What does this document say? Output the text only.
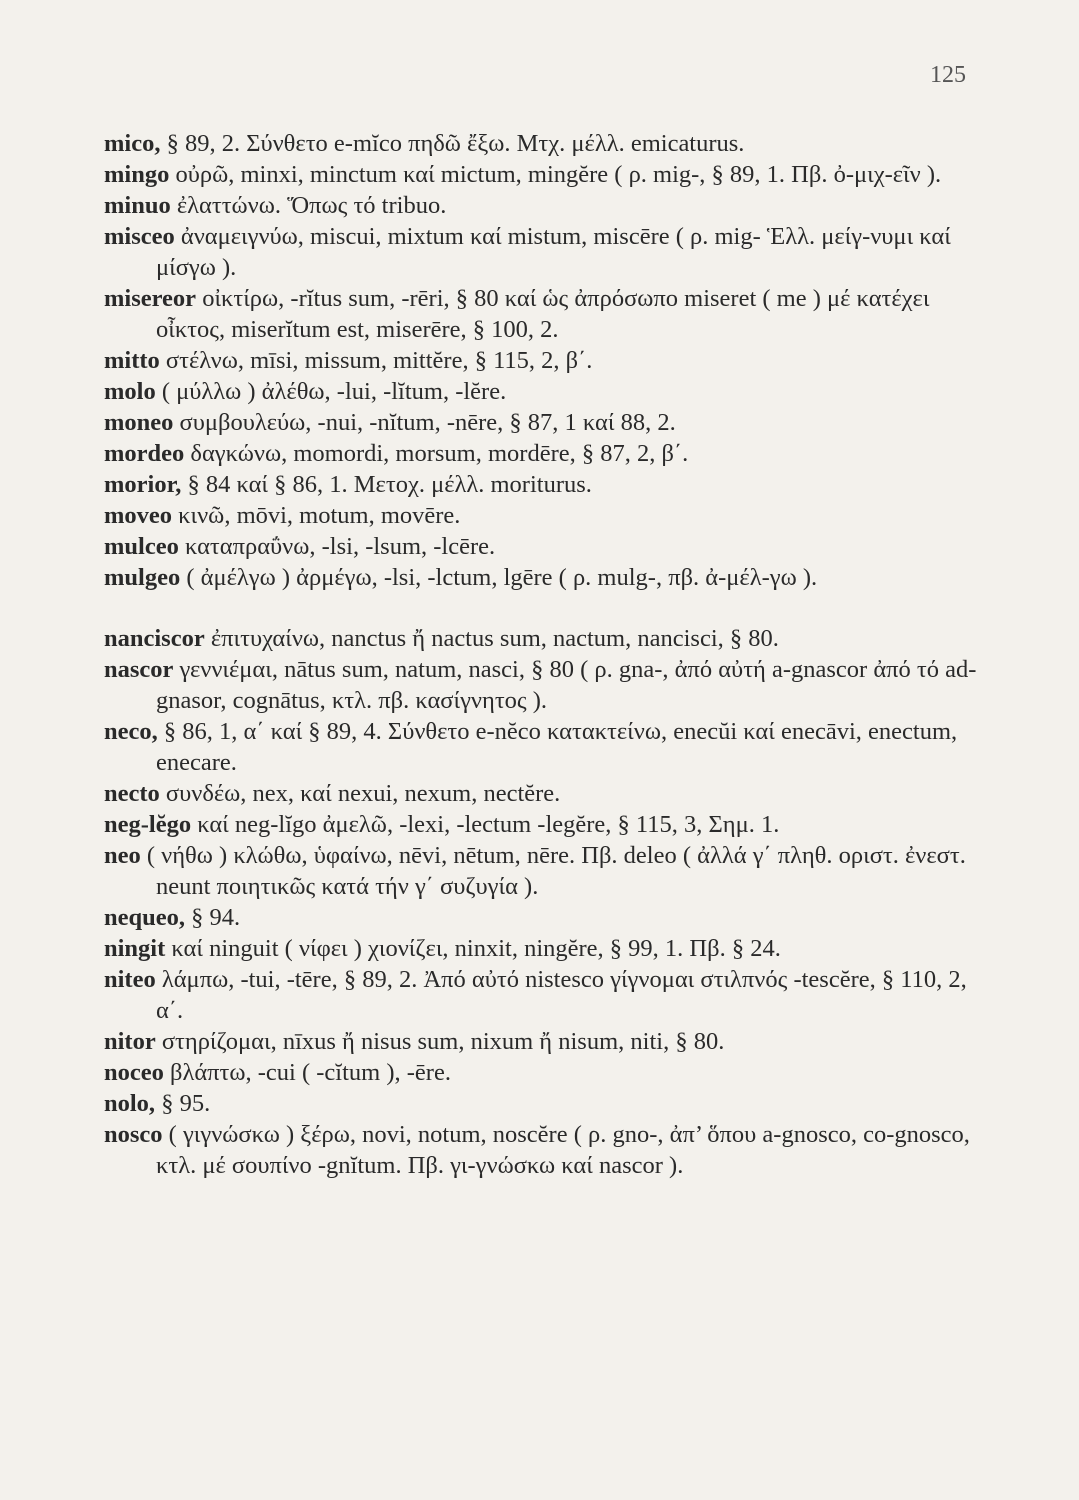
125

mico, § 89, 2. Σύνθετο e-mĭco πηδῶ ἔξω. Μτχ. μέλλ. emicaturus.

mingo οὐρῶ, minxi, minctum καί mictum, mingĕre ( ρ. mig-, § 89, 1. Πβ. ὀ-μιχ-εῖν ).

minuo ἐλαττώνω. Ὅπως τό tribuo.

misceo ἀναμειγνύω, miscui, mixtum καί mistum, miscēre ( ρ. mig- Ἑλλ. μείγ-νυμι καί μίσγω ).

misereor οἰκτίρω, -rĭtus sum, -rēri, § 80 καί ὡς ἀπρόσωπο miseret ( me ) μέ κατέχει οἶκτος, miserĭtum est, miserēre, § 100, 2.

mitto στέλνω, mīsi, missum, mittĕre, § 115, 2, β΄.

molo ( μύλλω ) ἀλέθω, -lui, -lĭtum, -lĕre.

moneo συμβουλεύω, -nui, -nĭtum, -nēre, § 87, 1 καί 88, 2.

mordeo δαγκώνω, momordi, morsum, mordēre, § 87, 2, β΄.

morior, § 84 καί § 86, 1. Μετοχ. μέλλ. moriturus.

moveo κινῶ, mōvi, motum, movēre.

mulceo καταπραΰνω, -lsi, -lsum, -lcēre.

mulgeo ( ἀμέλγω ) ἀρμέγω, -lsi, -lctum, lgēre ( ρ. mulg-, πβ. ἀ-μέλ-γω ).

nanciscor ἐπιτυχαίνω, nanctus ἤ nactus sum, nactum, nancisci, § 80.

nascor γεννιέμαι, nātus sum, natum, nasci, § 80 ( ρ. gna-, ἀπό αὐτή a-gnascor ἀπό τό ad-gnasor, cognātus, κτλ. πβ. κασίγνητος ).

neco, § 86, 1, α΄ καί § 89, 4. Σύνθετο e-nĕco κατακτείνω, enecŭi καί enecāvi, enectum, enecare.

necto συνδέω, nex, καί nexui, nexum, nectĕre.

neg-lĕgo καί neg-lĭgo ἀμελῶ, -lexi, -lectum -legĕre, § 115, 3, Σημ. 1.

neo ( νήθω ) κλώθω, ὑφαίνω, nēvi, nētum, nēre. Πβ. deleo ( ἀλλά γ΄ πληθ. οριστ. ἐνεστ. neunt ποιητικῶς κατά τήν γ΄ συζυγία ).

nequeo, § 94.

ningit καί ninguit ( νίφει ) χιονίζει, ninxit, ningĕre, § 99, 1. Πβ. § 24.

niteo λάμπω, -tui, -tēre, § 89, 2. Ἀπό αὐτό nistesco γίγνομαι στιλπνός -tescĕre, § 110, 2, α΄.

nitor στηρίζομαι, nīxus ἤ nisus sum, nixum ἤ nisum, niti, § 80.

noceo βλάπτω, -cui ( -cĭtum ), -ēre.

nolo, § 95.

nosco ( γιγνώσκω ) ξέρω, novi, notum, noscĕre ( ρ. gno-, ἀπ’ ὅπου a-gnosco, co-gnosco, κτλ. μέ σουπίνο -gnĭtum. Πβ. γι-γνώσκω καί nascor ).
